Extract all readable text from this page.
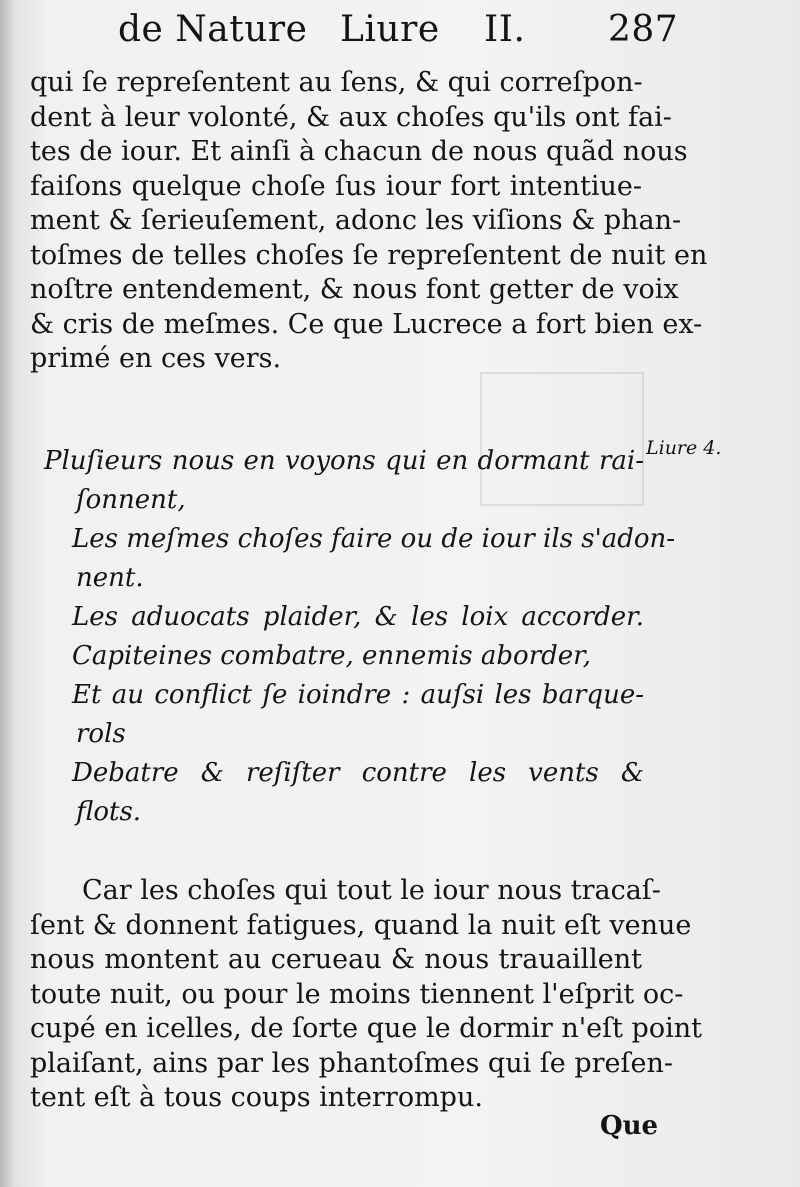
de Nature Liure II. 287
qui ſe repreſentent au ſens, & qui correſpon-
dent à leur volonté, & aux choſes qu'ils ont fai-
tes de iour. Et ainſi à chacun de nous quãd nous
faiſons quelque choſe ſus iour fort intentiue-
ment & ſerieuſement, adonc les viſions & phan-
toſmes de telles choſes ſe repreſentent de nuit en
noſtre entendement, & nous font getter de voix
& cris de meſmes. Ce que Lucrece a fort bien ex-
primé en ces vers.
Liure 4.
Pluſieurs nous en voyons qui en dormant rai-
ſonnent,
Les meſmes choſes faire ou de iour ils s'adon-
nent.
Les aduocats plaider, & les loix accorder.
Capiteines combatre, ennemis aborder,
Et au conflict ſe ioindre : auſsi les barque-
rols
Debatre & reſiſter contre les vents &
flots.
Car les choſes qui tout le iour nous tracaſ-
ſent & donnent fatigues, quand la nuit eſt venue
nous montent au cerueau & nous trauaillent
toute nuit, ou pour le moins tiennent l'eſprit oc-
cupé en icelles, de ſorte que le dormir n'eſt point
plaiſant, ains par les phantoſmes qui ſe preſen-
tent eſt à tous coups interrompu.
Que
